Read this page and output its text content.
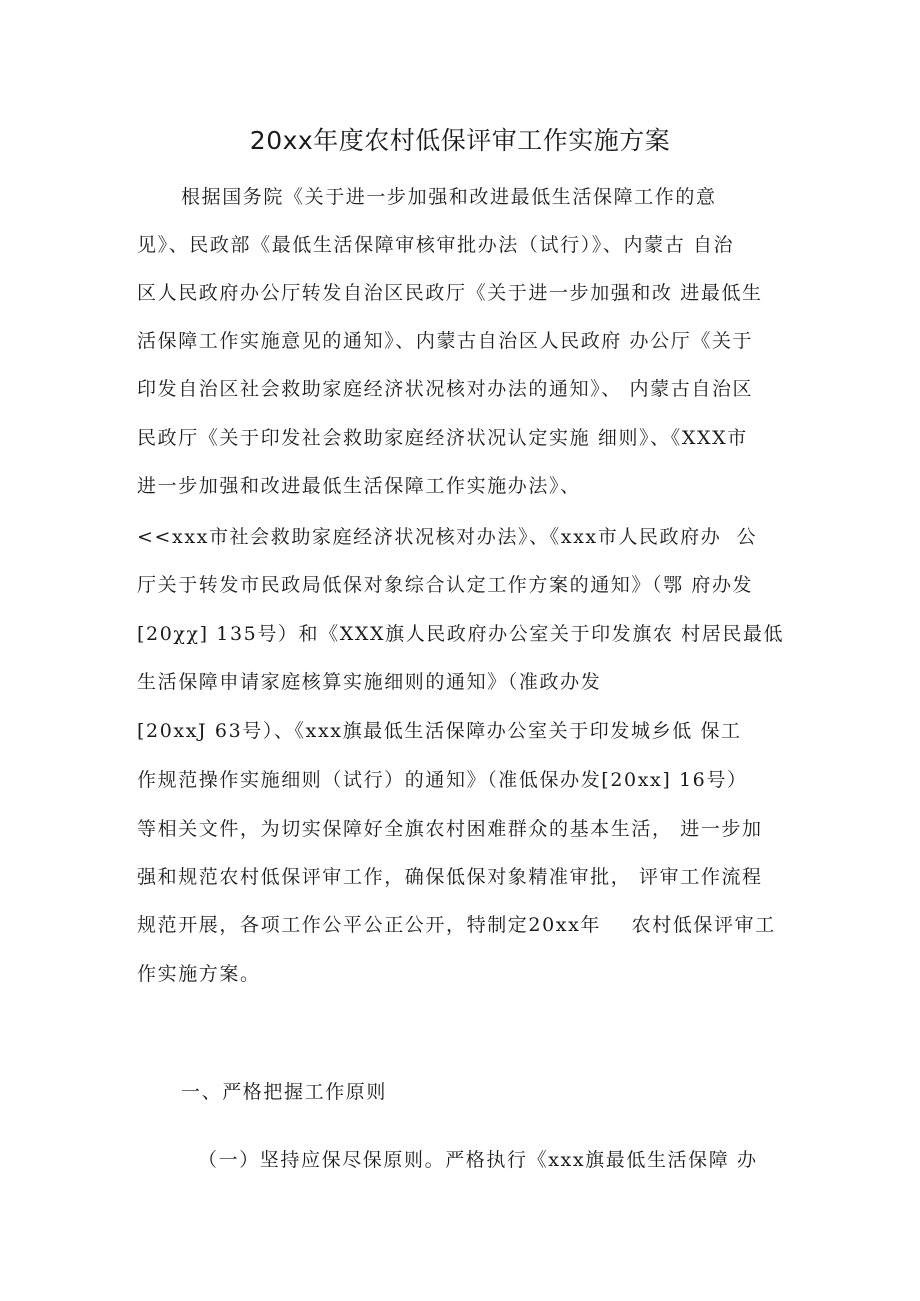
20xx年度农村低保评审工作实施方案

根据国务院《关于进一步加强和改进最低生活保障工作的意

见》、民政部《最低生活保障审核审批办法（试行）》、内蒙古 自治

区人民政府办公厅转发自治区民政厅《关于进一步加强和改 进最低生

活保障工作实施意见的通知》、内蒙古自治区人民政府 办公厅《关于

印发自治区社会救助家庭经济状况核对办法的通知》、 内蒙古自治区

民政厅《关于印发社会救助家庭经济状况认定实施 细则》、《XXX市

进一步加强和改进最低生活保障工作实施办法》、

<<xxx市社会救助家庭经济状况核对办法》、《xxx市人民政府办  公

厅关于转发市民政局低保对象综合认定工作方案的通知》（鄂 府办发

[20χχ] 135号）和《XXX旗人民政府办公室关于印发旗农 村居民最低

生活保障申请家庭核算实施细则的通知》（准政办发

[20xxJ 63号）、《xxx旗最低生活保障办公室关于印发城乡低 保工

作规范操作实施细则（试行）的通知》（准低保办发[20xx] 16号）

等相关文件，为切实保障好全旗农村困难群众的基本生活， 进一步加

强和规范农村低保评审工作，确保低保对象精准审批， 评审工作流程

规范开展，各项工作公平公正公开，特制定20xx年    农村低保评审工

作实施方案。

一、严格把握工作原则

（一）坚持应保尽保原则。严格执行《xxx旗最低生活保障 办
